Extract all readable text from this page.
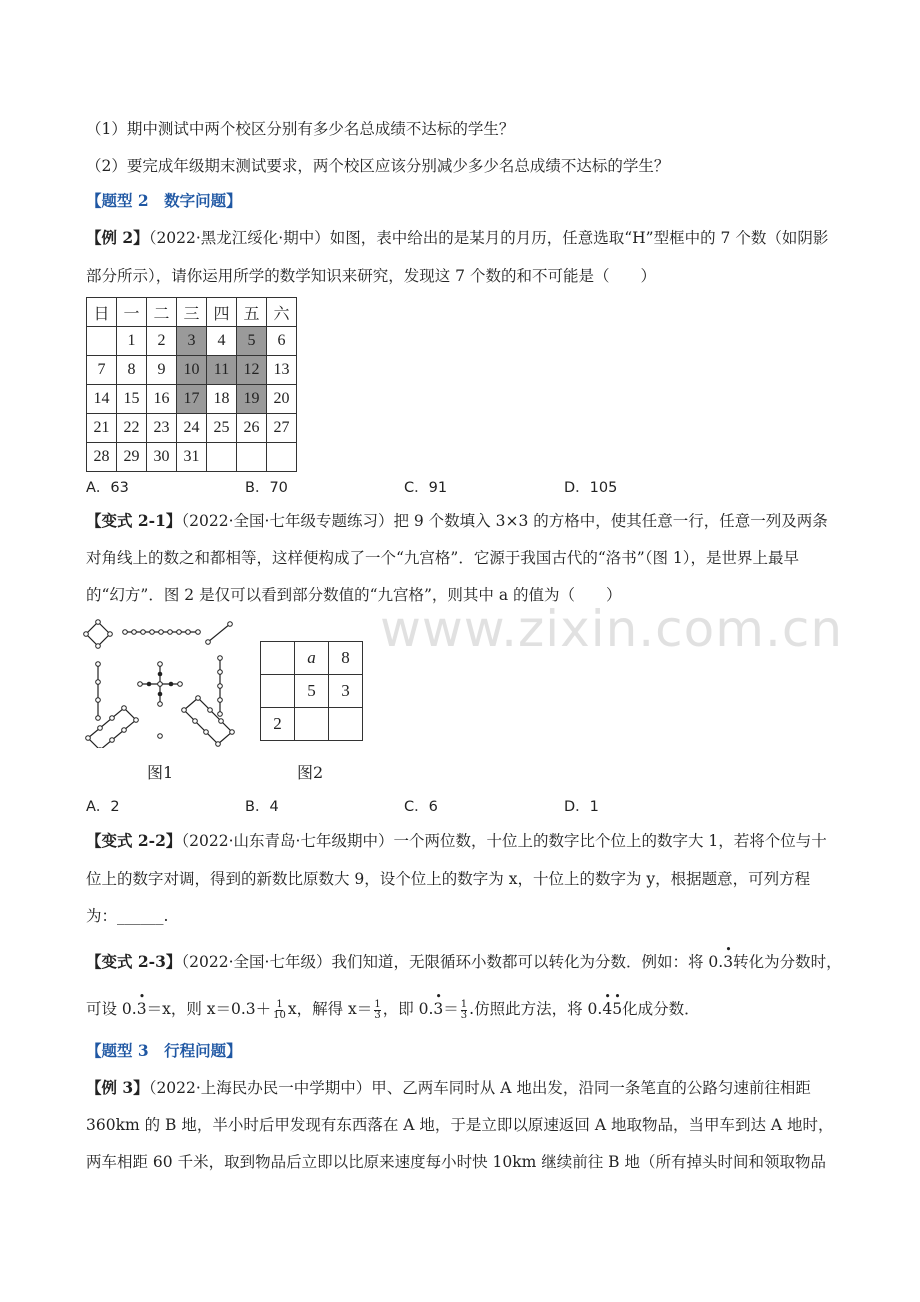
www.zixin.com.cn
（1）期中测试中两个校区分别有多少名总成绩不达标的学生？
（2）要完成年级期末测试要求，两个校区应该分别减少多少名总成绩不达标的学生？
【题型 2　数字问题】
【例 2】（2022·黑龙江绥化·期中）如图，表中给出的是某月的月历，任意选取“H”型框中的 7 个数（如阴影
部分所示），请你运用所学的数学知识来研究，发现这 7 个数的和不可能是（　　）
日	一	二	三	四	五	六
	1	2	3	4	5	6
7	8	9	10	11	12	13
14	15	16	17	18	19	20
21	22	23	24	25	26	27
28	29	30	31			
A．63	B．70	C．91	D．105
【变式 2-1】（2022·全国·七年级专题练习）把 9 个数填入 3×3 的方格中，使其任意一行，任意一列及两条
对角线上的数之和都相等，这样便构成了一个“九宫格”．它源于我国古代的“洛书”（图 1），是世界上最早
的“幻方”．图 2 是仅可以看到部分数值的“九宫格”，则其中 a 的值为（　　）
	a	8
	5	3
2		
图1	图2
A．2	B．4	C．6	D．1
【变式 2-2】（2022·山东青岛·七年级期中）一个两位数，十位上的数字比个位上的数字大 1，若将个位与十
位上的数字对调，得到的新数比原数大 9，设个位上的数字为 x，十位上的数字为 y，根据题意，可列方程
为：______.
【变式 2-3】（2022·全国·七年级）我们知道，无限循环小数都可以转化为分数．例如：将 0.• 3转化为分数时，
可设 0.• 3＝x，则 $x=0.3+ \frac{1}{10}$ x，解得 $x= \frac{1}{3}$ ，即 0.• $3= \frac{1}{3}$ .仿照此方法，将 0.• 4• 5化成分数．
【题型 3　行程问题】
【例 3】（2022·上海民办民一中学期中）甲、乙两车同时从 A 地出发，沿同一条笔直的公路匀速前往相距
360km 的 B 地，半小时后甲发现有东西落在 A 地，于是立即以原速返回 A 地取物品，当甲车到达 A 地时，
两车相距 60 千米，取到物品后立即以比原来速度每小时快 10km 继续前往 B 地（所有掉头时间和领取物品
